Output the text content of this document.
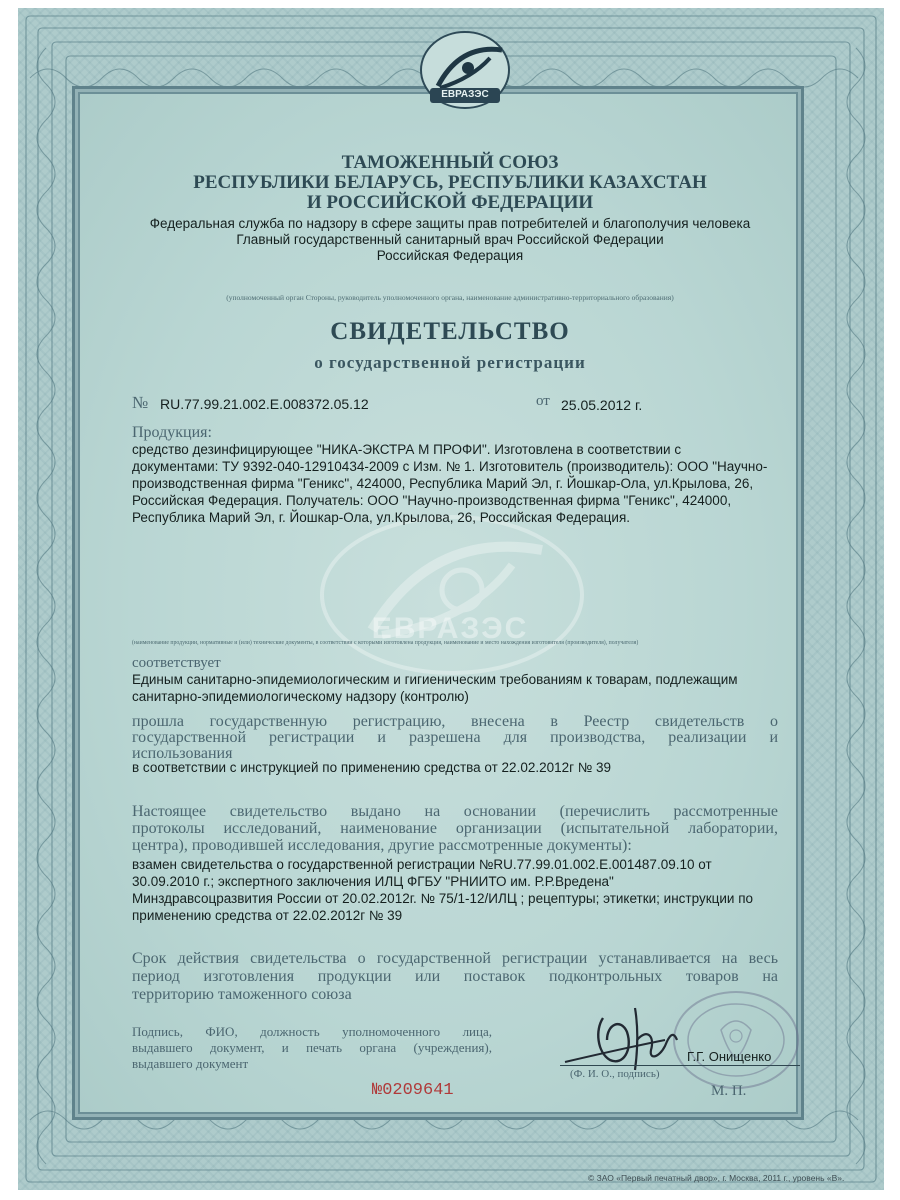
ЕВРАЗЭС
ЕВРАЗЭС
ТАМОЖЕННЫЙ СОЮЗ
РЕСПУБЛИКИ БЕЛАРУСЬ, РЕСПУБЛИКИ КАЗАХСТАН
И РОССИЙСКОЙ ФЕДЕРАЦИИ
Федеральная служба по надзору в сфере защиты прав потребителей и благополучия человека
Главный государственный санитарный врач Российской Федерации
Российская Федерация
(уполномоченный орган Стороны, руководитель уполномоченного органа, наименование административно-территориального образования)
СВИДЕТЕЛЬСТВО
о государственной регистрации
№ RU.77.99.21.002.E.008372.05.12	от 25.05.2012 г.
Продукция:
средство дезинфицирующее "НИКА-ЭКСТРА М ПРОФИ". Изготовлена в соответствии с
документами: ТУ 9392-040-12910434-2009 с Изм. № 1. Изготовитель (производитель): ООО "Научно-
производственная фирма "Геникс", 424000, Республика Марий Эл, г. Йошкар-Ола, ул.Крылова, 26,
Российская Федерация. Получатель: ООО "Научно-производственная фирма "Геникс", 424000,
Республика Марий Эл, г. Йошкар-Ола, ул.Крылова, 26, Российская Федерация.
(наименование продукции, нормативные и (или) технические документы, в соответствии с которыми изготовлена продукция, наименование и место нахождения изготовителя (производителя), получателя)
соответствует
Единым санитарно-эпидемиологическим и гигиеническим требованиям к товарам, подлежащим
санитарно-эпидемиологическому надзору (контролю)
прошла государственную регистрацию, внесена в Реестр свидетельств о
государственной регистрации и разрешена для производства, реализации и
использования
в соответствии с инструкцией по применению средства от 22.02.2012г № 39
Настоящее свидетельство выдано на основании (перечислить рассмотренные
протоколы исследований, наименование организации (испытательной лаборатории,
центра), проводившей исследования, другие рассмотренные документы):
взамен свидетельства о государственной регистрации №RU.77.99.01.002.E.001487.09.10 от
30.09.2010 г.; экспертного заключения ИЛЦ ФГБУ "РНИИТО им. Р.Р.Вредена"
Минздравсоцразвития России от 20.02.2012г. № 75/1-12/ИЛЦ ; рецептуры; этикетки; инструкции по
применению средства от 22.02.2012г № 39
Срок действия свидетельства о государственной регистрации устанавливается на весь
период изготовления продукции или поставок подконтрольных товаров на
территорию таможенного союза
Подпись, ФИО, должность уполномоченного лица,
выдавшего документ, и печать органа (учреждения),
выдавшего документ	Г.Г. Онищенко
(Ф. И. О., подпись)
№0209641	М. П.
© ЗАО «Первый печатный двор», г. Москва, 2011 г., уровень «В».
